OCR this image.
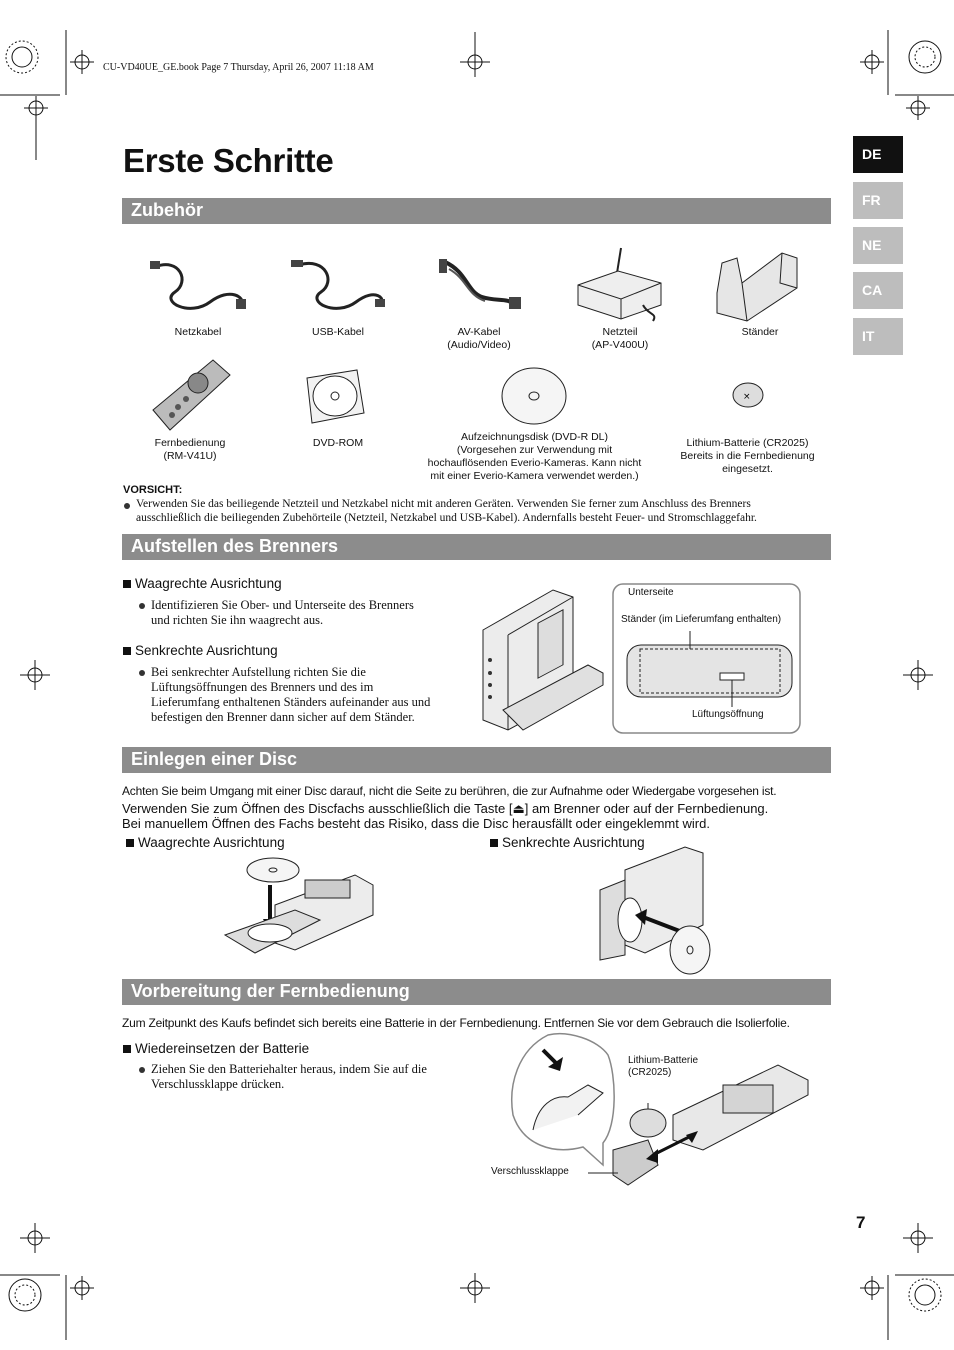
CU-VD40UE_GE.book Page 7 Thursday, April 26, 2007 11:18 AM
Erste Schritte	DE
FR
NE
CA
IT
Zubehör
×
Netzkabel	USB-Kabel	AV-Kabel
(Audio/Video)
Netzteil
(AP-V400U)
Ständer
Fernbedienung
(RM-V41U)
DVD-ROM	Aufzeichnungsdisk (DVD-R DL)
(Vorgesehen zur Verwendung mit
hochauflösenden Everio-Kameras. Kann nicht
mit einer Everio-Kamera verwendet werden.)
Lithium-Batterie (CR2025)
Bereits in die Fernbedienung
eingesetzt.
VORSICHT:
Verwenden Sie das beiliegende Netzteil und Netzkabel nicht mit anderen Geräten. Verwenden Sie ferner zum Anschluss des Brenners
ausschließlich die beiliegenden Zubehörteile (Netzteil, Netzkabel und USB-Kabel). Andernfalls besteht Feuer- und Stromschlaggefahr.
Aufstellen des Brenners
Waagrechte Ausrichtung
Identifizieren Sie Ober- und Unterseite des Brenners
und richten Sie ihn waagrecht aus.
Senkrechte Ausrichtung
Bei senkrechter Aufstellung richten Sie die
Lüftungsöffnungen des Brenners und des im
Lieferumfang enthaltenen Ständers aufeinander aus und
befestigen den Brenner dann sicher auf dem Ständer.
Unterseite
Ständer (im Lieferumfang enthalten)
Lüftungsöffnung
Einlegen einer Disc
Achten Sie beim Umgang mit einer Disc darauf, nicht die Seite zu berühren, die zur Aufnahme oder Wiedergabe vorgesehen ist.
Verwenden Sie zum Öffnen des Discfachs ausschließlich die Taste [⏏] am Brenner oder auf der Fernbedienung.
Bei manuellem Öffnen des Fachs besteht das Risiko, dass die Disc herausfällt oder eingeklemmt wird.
Waagrechte Ausrichtung	Senkrechte Ausrichtung
Vorbereitung der Fernbedienung
Zum Zeitpunkt des Kaufs befindet sich bereits eine Batterie in der Fernbedienung. Entfernen Sie vor dem Gebrauch die Isolierfolie.
Wiedereinsetzen der Batterie
Ziehen Sie den Batteriehalter heraus, indem Sie auf die
Verschlussklappe drücken.
Lithium-Batterie
(CR2025)
Verschlussklappe
7
